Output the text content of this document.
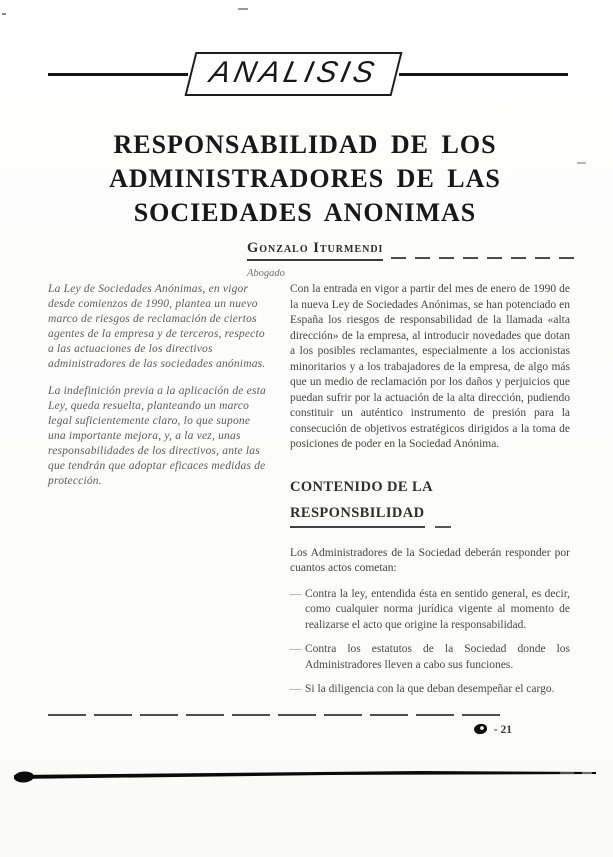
ANALISIS
RESPONSABILIDAD DE LOS
ADMINISTRADORES DE LAS
SOCIEDADES ANONIMAS
Gonzalo Iturmendi
Abogado

La Ley de Sociedades Anónimas, en vigor desde comienzos de 1990, plantea un nuevo marco de riesgos de reclamación de ciertos agentes de la empresa y de terceros, respecto a las actuaciones de los directivos administradores de las sociedades anónimas.

La indefinición previa a la aplicación de esta Ley, queda resuelta, planteando un marco legal suficientemente claro, lo que supone una importante mejora, y, a la vez, unas responsabilidades de los directivos, ante las que tendrán que adoptar eficaces medidas de protección.

Con la entrada en vigor a partir del mes de enero de 1990 de la nueva Ley de Sociedades Anónimas, se han potenciado en España los riesgos de responsabilidad de la llamada «alta dirección» de la empresa, al introducir novedades que dotan a los posibles reclamantes, especialmente a los accionistas minoritarios y a los trabajadores de la empresa, de algo más que un medio de reclamación por los daños y perjuicios que puedan sufrir por la actuación de la alta dirección, pudiendo constituir un auténtico instrumento de presión para la consecución de objetivos estratégicos dirigidos a la toma de posiciones de poder en la Sociedad Anónima.

CONTENIDO DE LA
RESPONSBILIDAD

Los Administradores de la Sociedad deberán responder por cuantos actos cometan:

— Contra la ley, entendida ésta en sentido general, es decir, como cualquier norma jurídica vigente al momento de realizarse el acto que origine la responsabilidad.
— Contra los estatutos de la Sociedad donde los Administradores lleven a cabo sus funciones.
— Si la diligencia con la que deban desempeñar el cargo.
- 21
